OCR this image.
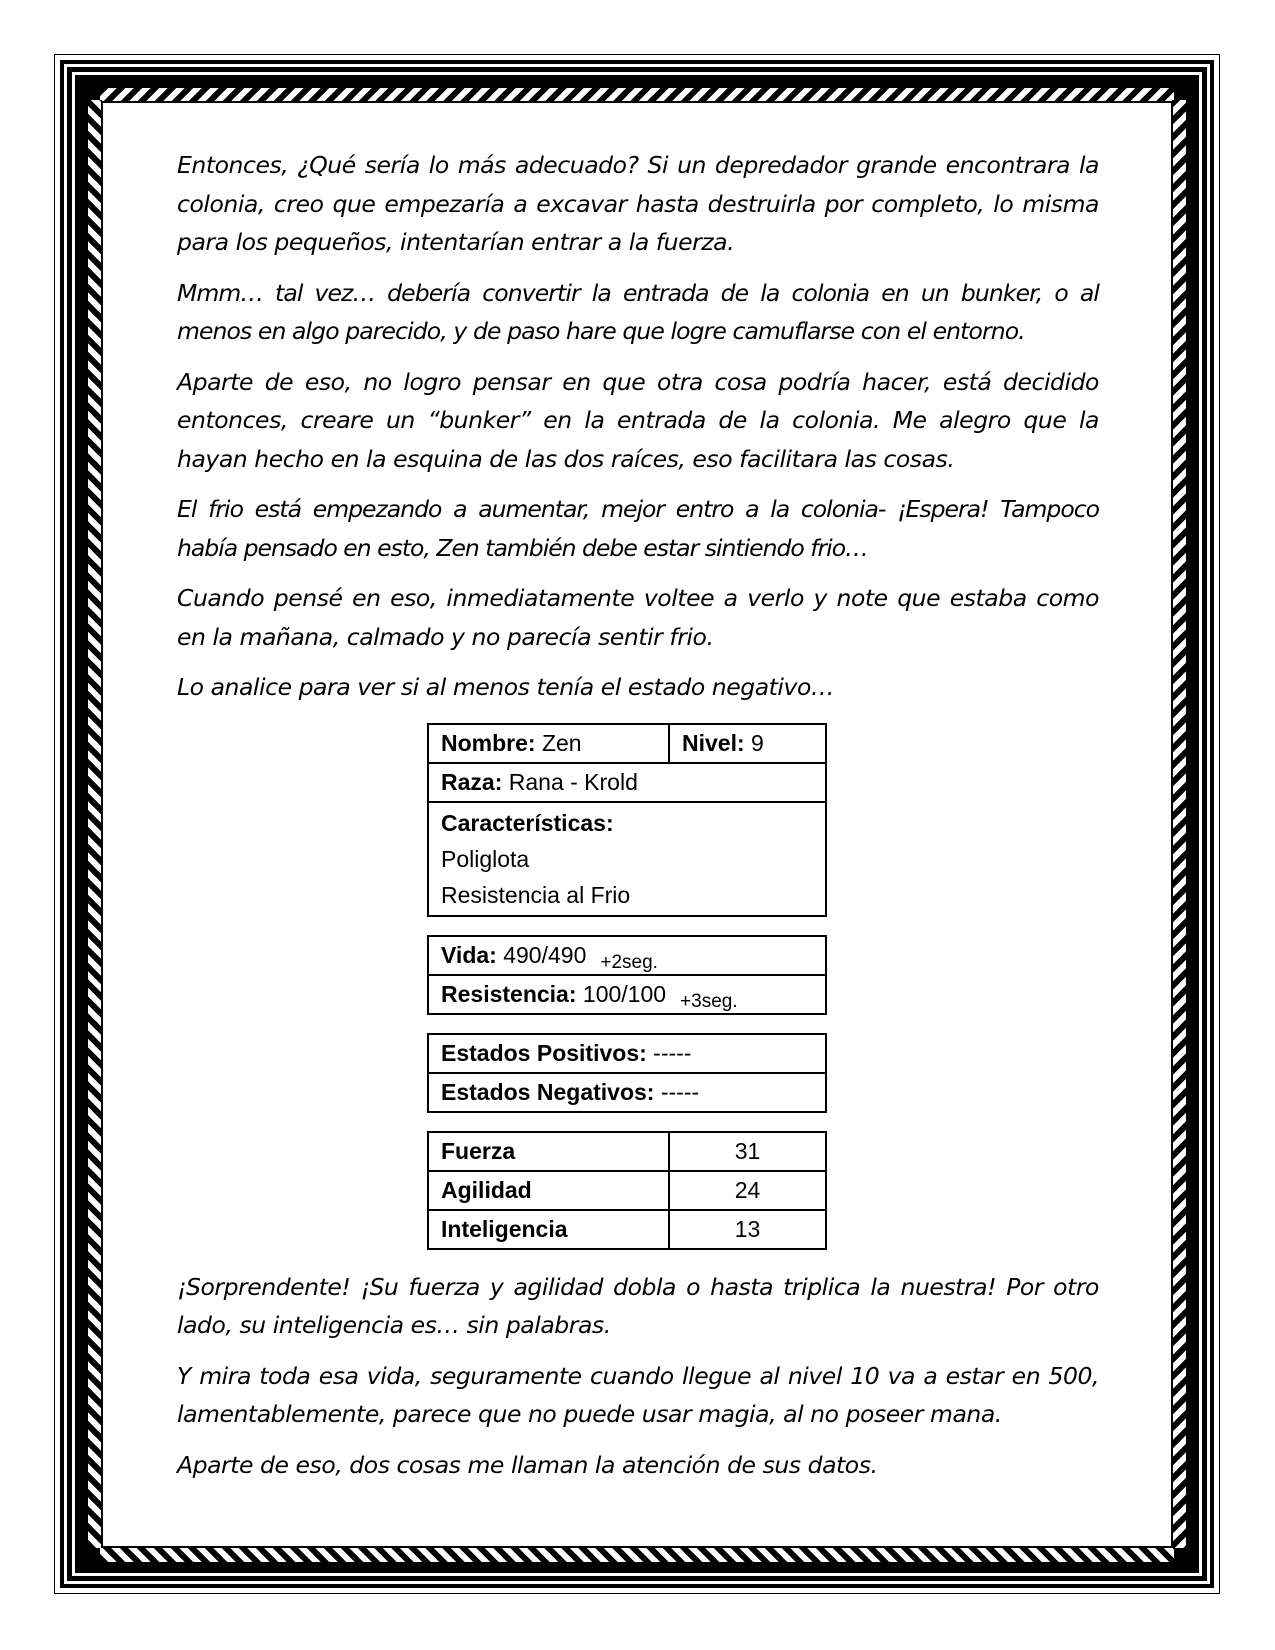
Entonces, ¿Qué sería lo más adecuado? Si un depredador grande encontrara la colonia, creo que empezaría a excavar hasta destruirla por completo, lo misma para los pequeños, intentarían entrar a la fuerza.

Mmm… tal vez… debería convertir la entrada de la colonia en un bunker, o al menos en algo parecido, y de paso hare que logre camuflarse con el entorno.

Aparte de eso, no logro pensar en que otra cosa podría hacer, está decidido entonces, creare un “bunker” en la entrada de la colonia. Me alegro que la hayan hecho en la esquina de las dos raíces, eso facilitara las cosas.

El frio está empezando a aumentar, mejor entro a la colonia- ¡Espera! Tampoco había pensado en esto, Zen también debe estar sintiendo frio…

Cuando pensé en eso, inmediatamente voltee a verlo y note que estaba como en la mañana, calmado y no parecía sentir frio.

Lo analice para ver si al menos tenía el estado negativo…

Nombre: Zen	Nivel: 9
Raza: Rana - Krold
Características:
Poliglota
Resistencia al Frio
Vida: 490/490 $_{+2seg.}$
Resistencia: 100/100 $_{+3seg.}$
Estados Positivos: -----
Estados Negativos: -----
Fuerza	31
Agilidad	24
Inteligencia	13

¡Sorprendente! ¡Su fuerza y agilidad dobla o hasta triplica la nuestra! Por otro lado, su inteligencia es… sin palabras.

Y mira toda esa vida, seguramente cuando llegue al nivel 10 va a estar en 500, lamentablemente, parece que no puede usar magia, al no poseer mana.

Aparte de eso, dos cosas me llaman la atención de sus datos.
